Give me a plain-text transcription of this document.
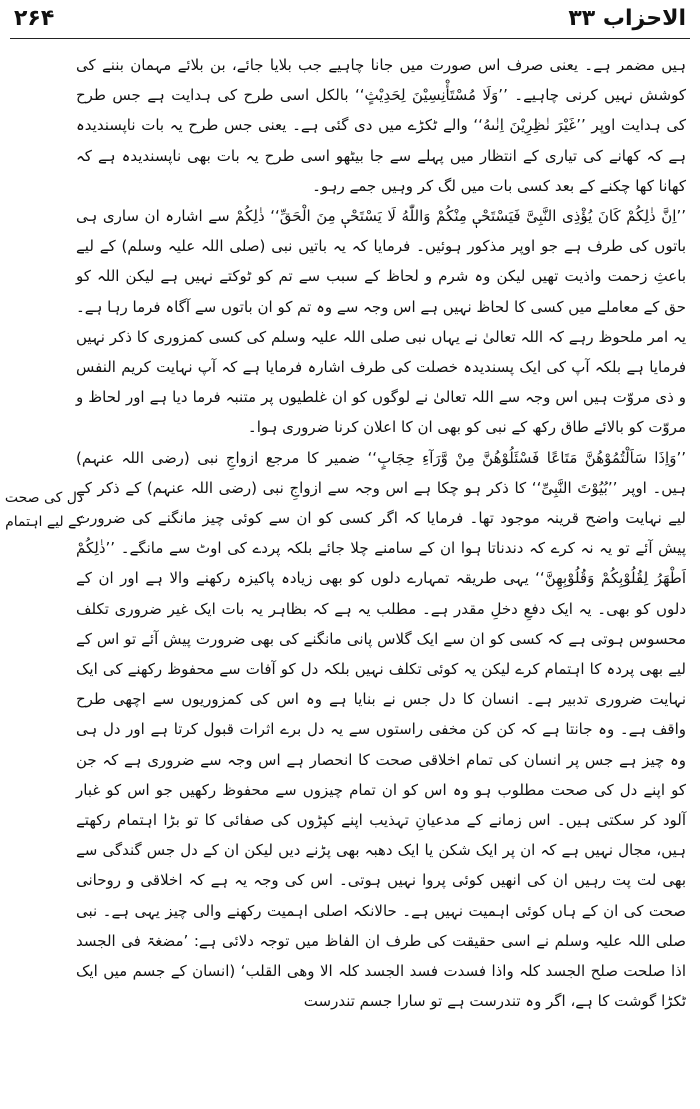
الاحزاب ۳۳
۲۶۴

ہیں مضمر ہے۔ یعنی صرف اس صورت میں جانا چاہیے جب بلایا جائے، بن بلائے مہمان بننے کی کوشش نہیں کرنی چاہیے۔ ’’وَلَا مُسْتَأْنِسِیْنَ لِحَدِیْثٍ‘‘ بالکل اسی طرح کی ہدایت ہے جس طرح کی ہدایت اوپر ’’غَیْرَ نٰظِرِیْنَ اِنٰىهُ‘‘ والے ٹکڑے میں دی گئی ہے۔ یعنی جس طرح یہ بات ناپسندیدہ ہے کہ کھانے کی تیاری کے انتظار میں پہلے سے جا بیٹھو اسی طرح یہ بات بھی ناپسندیدہ ہے کہ کھانا کھا چکنے کے بعد کسی بات میں لگ کر وہیں جمے رہو۔

’’اِنَّ ذٰلِكُمْ كَانَ یُؤْذِی النَّبِیَّ فَیَسْتَحْیٖ مِنْكُمْ وَاللّٰهُ لَا یَسْتَحْیٖ مِنَ الْحَقِّ‘‘ ذٰلِکُمْ سے اشارہ ان ساری ہی باتوں کی طرف ہے جو اوپر مذکور ہوئیں۔ فرمایا کہ یہ باتیں نبی (صلی اللہ علیہ وسلم) کے لیے باعثِ زحمت واذیت تھیں لیکن وہ شرم و لحاظ کے سبب سے تم کو ٹوکتے نہیں ہے لیکن اللہ کو حق کے معاملے میں کسی کا لحاظ نہیں ہے اس وجہ سے وہ تم کو ان باتوں سے آگاہ فرما رہا ہے۔ یہ امر ملحوظ رہے کہ اللہ تعالیٰ نے یہاں نبی صلی اللہ علیہ وسلم کی کسی کمزوری کا ذکر نہیں فرمایا ہے بلکہ آپ کی ایک پسندیدہ خصلت کی طرف اشارہ فرمایا ہے کہ آپ نہایت کریم النفس و ذی مروّت ہیں اس وجہ سے اللہ تعالیٰ نے لوگوں کو ان غلطیوں پر متنبہ فرما دیا ہے اور لحاظ و مروّت کو بالائے طاق رکھ کے نبی کو بھی ان کا اعلان کرنا ضروری ہوا۔

’’وَاِذَا سَاَلْتُمُوْهُنَّ مَتَاعًا فَسْئَلُوْهُنَّ مِنْ وَّرَآءِ حِجَابٍ‘‘ ضمیر کا مرجع ازواجِ نبی (رضی اللہ عنہم) ہیں۔ اوپر ’’بُیُوْتَ النَّبِیِّ‘‘ کا ذکر ہو چکا ہے اس وجہ سے ازواجِ نبی (رضی اللہ عنہم) کے ذکر کے لیے نہایت واضح قرینہ موجود تھا۔ فرمایا کہ اگر کسی کو ان سے کوئی چیز مانگنے کی ضرورت پیش آئے تو یہ نہ کرے کہ دندناتا ہوا ان کے سامنے چلا جائے بلکہ پردے کی اوٹ سے مانگے۔ ’’ذٰلِكُمْ اَطْهَرُ لِقُلُوْبِكُمْ وَقُلُوْبِهِنَّ‘‘ یہی طریقہ تمہارے دلوں کو بھی زیادہ پاکیزہ رکھنے والا ہے اور ان کے دلوں کو بھی۔ یہ ایک دفعِ دخلِ مقدر ہے۔ مطلب یہ ہے کہ بظاہر یہ بات ایک غیر ضروری تکلف محسوس ہوتی ہے کہ کسی کو ان سے ایک گلاس پانی مانگنے کی بھی ضرورت پیش آئے تو اس کے لیے بھی پردہ کا اہتمام کرے لیکن یہ کوئی تکلف نہیں بلکہ دل کو آفات سے محفوظ رکھنے کی ایک نہایت ضروری تدبیر ہے۔ انسان کا دل جس نے بنایا ہے وہ اس کی کمزوریوں سے اچھی طرح واقف ہے۔ وہ جانتا ہے کہ کن کن مخفی راستوں سے یہ دل برے اثرات قبول کرتا ہے اور دل ہی وہ چیز ہے جس پر انسان کی تمام اخلاقی صحت کا انحصار ہے اس وجہ سے ضروری ہے کہ جن کو اپنے دل کی صحت مطلوب ہو وہ اس کو ان تمام چیزوں سے محفوظ رکھیں جو اس کو غبار آلود کر سکتی ہیں۔ اس زمانے کے مدعیانِ تہذیب اپنے کپڑوں کی صفائی کا تو بڑا اہتمام رکھتے ہیں، مجال نہیں ہے کہ ان پر ایک شکن یا ایک دھبہ بھی پڑنے دیں لیکن ان کے دل جس گندگی سے بھی لت پت رہیں ان کی انھیں کوئی پروا نہیں ہوتی۔ اس کی وجہ یہ ہے کہ اخلاقی و روحانی صحت کی ان کے ہاں کوئی اہمیت نہیں ہے۔ حالانکہ اصلی اہمیت رکھنے والی چیز یہی ہے۔ نبی صلی اللہ علیہ وسلم نے اسی حقیقت کی طرف ان الفاظ میں توجہ دلائی ہے: ’مضغۃ فی الجسد اذا صلحت صلح الجسد کلہ واذا فسدت فسد الجسد کلہ الا وھی القلب‘ (انسان کے جسم میں ایک ٹکڑا گوشت کا ہے، اگر وہ تندرست ہے تو سارا جسم تندرست

دل کی صحت کے لیے اہتمام
